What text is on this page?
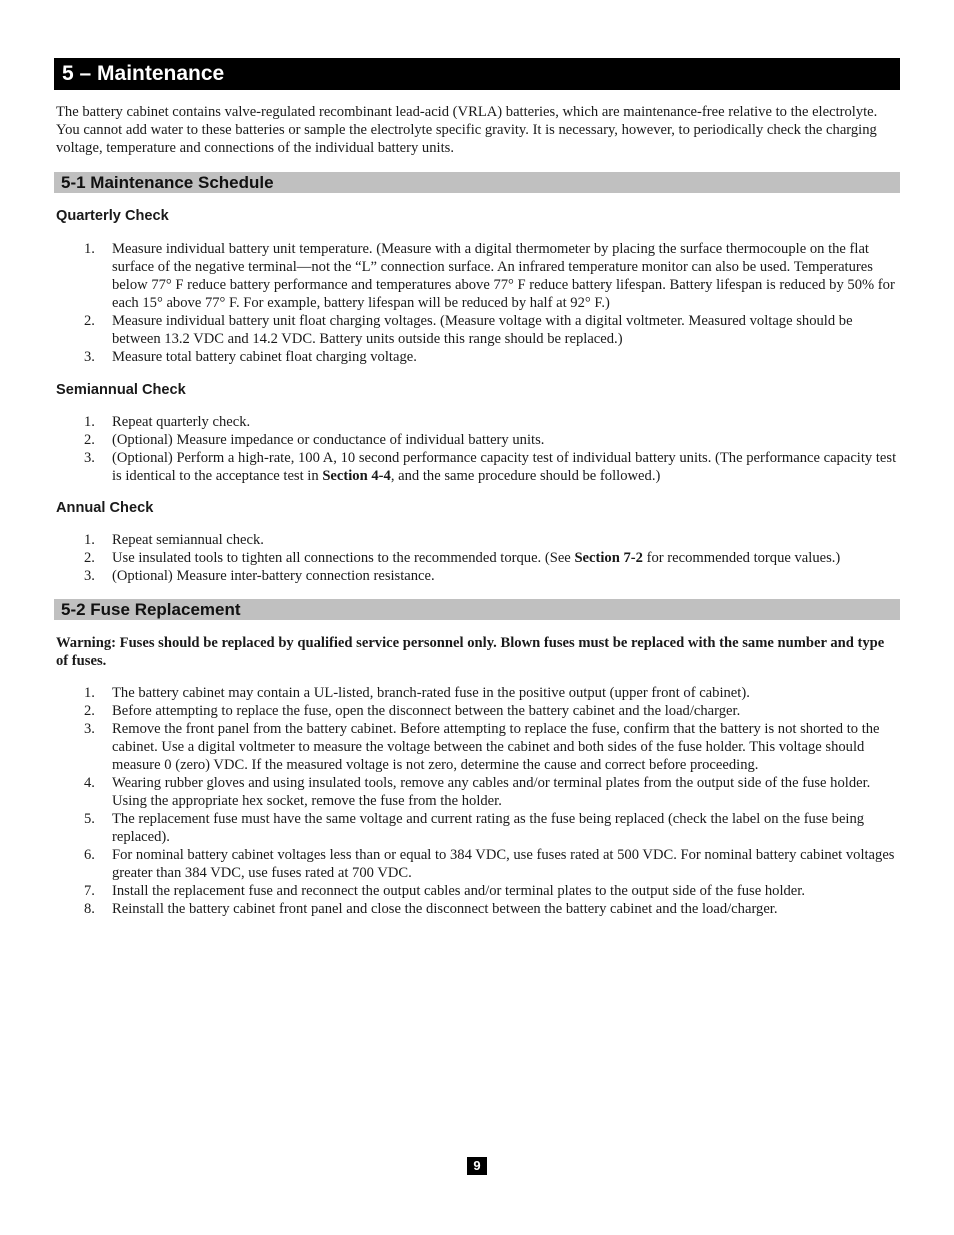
5 – Maintenance

The battery cabinet contains valve-regulated recombinant lead-acid (VRLA) batteries, which are maintenance-free relative to the electrolyte. You cannot add water to these batteries or sample the electrolyte specific gravity. It is necessary, however, to periodically check the charging voltage, temperature and connections of the individual battery units.

5-1 Maintenance Schedule
Quarterly Check
1. Measure individual battery unit temperature. (Measure with a digital thermometer by placing the surface thermocouple on the flat surface of the negative terminal—not the “L” connection surface. An infrared temperature monitor can also be used. Temperatures below 77° F reduce battery performance and temperatures above 77° F reduce battery lifespan. Battery lifespan is reduced by 50% for each 15° above 77° F. For example, battery lifespan will be reduced by half at 92° F.)
2. Measure individual battery unit float charging voltages. (Measure voltage with a digital voltmeter. Measured voltage should be between 13.2 VDC and 14.2 VDC. Battery units outside this range should be replaced.)
3. Measure total battery cabinet float charging voltage.
Semiannual Check
1. Repeat quarterly check.
2. (Optional) Measure impedance or conductance of individual battery units.
3. (Optional) Perform a high-rate, 100 A, 10 second performance capacity test of individual battery units. (The performance capacity test is identical to the acceptance test in Section 4-4, and the same procedure should be followed.)
Annual Check
1. Repeat semiannual check.
2. Use insulated tools to tighten all connections to the recommended torque. (See Section 7-2 for recommended torque values.)
3. (Optional) Measure inter-battery connection resistance.
5-2 Fuse Replacement
Warning: Fuses should be replaced by qualified service personnel only. Blown fuses must be replaced with the same number and type of fuses.
1. The battery cabinet may contain a UL-listed, branch-rated fuse in the positive output (upper front of cabinet).
2. Before attempting to replace the fuse, open the disconnect between the battery cabinet and the load/charger.
3. Remove the front panel from the battery cabinet. Before attempting to replace the fuse, confirm that the battery is not shorted to the cabinet. Use a digital voltmeter to measure the voltage between the cabinet and both sides of the fuse holder. This voltage should measure 0 (zero) VDC. If the measured voltage is not zero, determine the cause and correct before proceeding.
4. Wearing rubber gloves and using insulated tools, remove any cables and/or terminal plates from the output side of the fuse holder. Using the appropriate hex socket, remove the fuse from the holder.
5. The replacement fuse must have the same voltage and current rating as the fuse being replaced (check the label on the fuse being replaced).
6. For nominal battery cabinet voltages less than or equal to 384 VDC, use fuses rated at 500 VDC. For nominal battery cabinet voltages greater than 384 VDC, use fuses rated at 700 VDC.
7. Install the replacement fuse and reconnect the output cables and/or terminal plates to the output side of the fuse holder.
8. Reinstall the battery cabinet front panel and close the disconnect between the battery cabinet and the load/charger.
9
